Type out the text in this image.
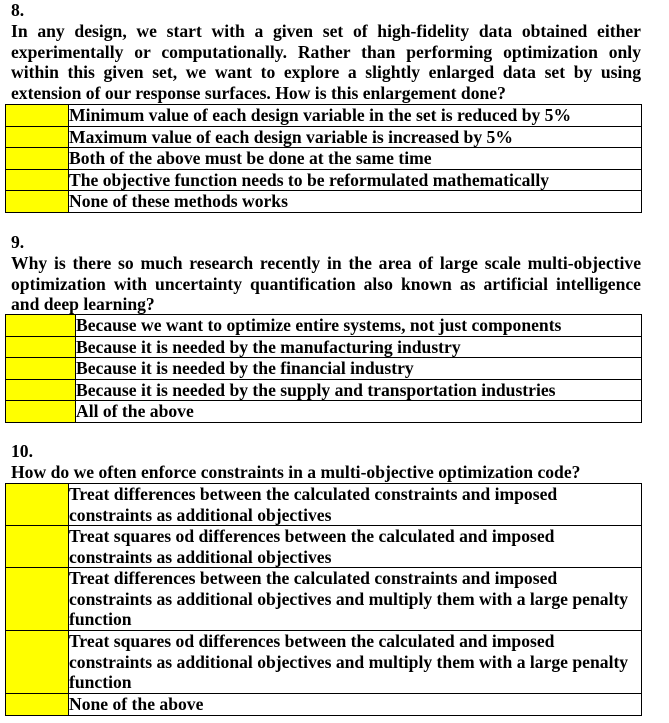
8.
In any design, we start with a given set of high-fidelity data obtained either experimentally or computationally. Rather than performing optimization only within this given set, we want to explore a slightly enlarged data set by using extension of our response surfaces. How is this enlargement done?
	Minimum value of each design variable in the set is reduced by 5%
	Maximum value of each design variable is increased by 5%
	Both of the above must be done at the same time
	The objective function needs to be reformulated mathematically
	None of these methods works
9.
Why is there so much research recently in the area of large scale multi-objective optimization with uncertainty quantification also known as artificial intelligence and deep learning?
	Because we want to optimize entire systems, not just components
	Because it is needed by the manufacturing industry
	Because it is needed by the financial industry
	Because it is needed by the supply and transportation industries
	All of the above
10.
How do we often enforce constraints in a multi-objective optimization code?
	Treat differences between the calculated constraints and imposed constraints as additional objectives
	Treat squares od differences between the calculated and imposed constraints as additional objectives
	Treat differences between the calculated constraints and imposed constraints as additional objectives and multiply them with a large penalty function
	Treat squares od differences between the calculated and imposed constraints as additional objectives and multiply them with a large penalty function
	None of the above
